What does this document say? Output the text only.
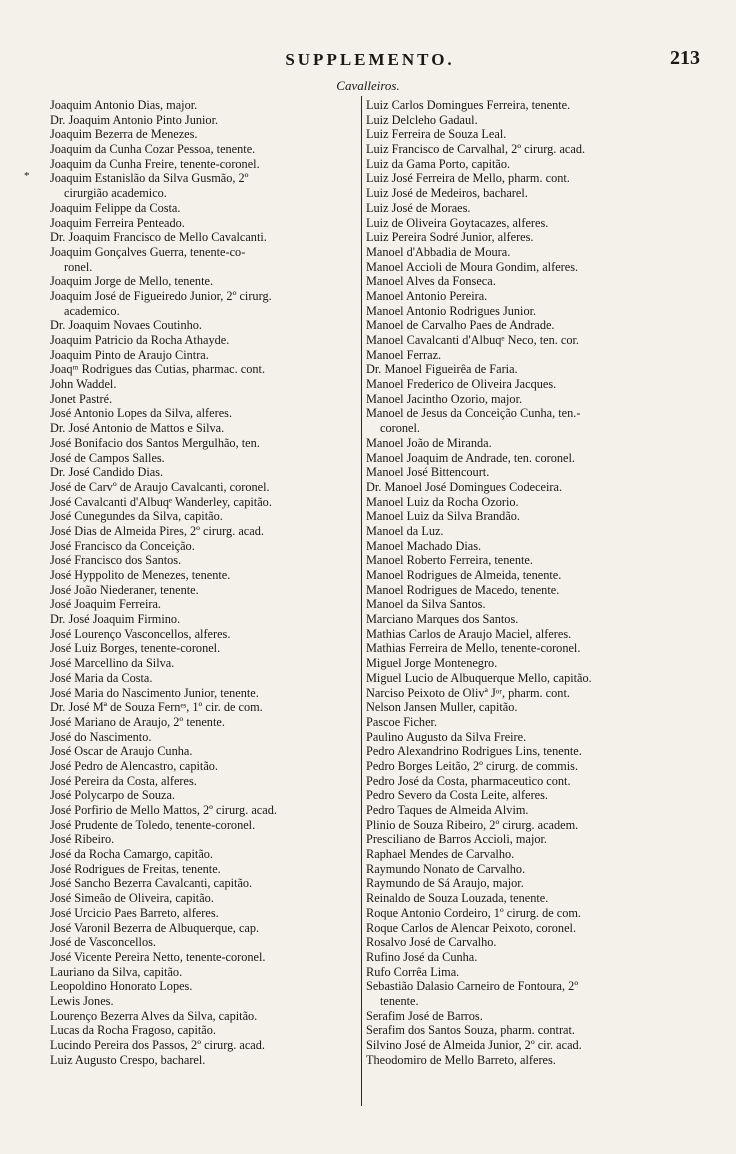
SUPPLEMENTO.	213
Cavalleiros.
*
Joaquim Antonio Dias, major.
Dr. Joaquim Antonio Pinto Junior.
Joaquim Bezerra de Menezes.
Joaquim da Cunha Cozar Pessoa, tenente.
Joaquim da Cunha Freire, tenente-coronel.
Joaquim Estanislão da Silva Gusmão, 2º
cirurgião academico.
Joaquim Felippe da Costa.
Joaquim Ferreira Penteado.
Dr. Joaquim Francisco de Mello Cavalcanti.
Joaquim Gonçalves Guerra, tenente-co-
ronel.
Joaquim Jorge de Mello, tenente.
Joaquim José de Figueiredo Junior, 2º cirurg.
academico.
Dr. Joaquim Novaes Coutinho.
Joaquim Patricio da Rocha Athayde.
Joaquim Pinto de Araujo Cintra.
Joaqᵐ Rodrigues das Cutias, pharmac. cont.
John Waddel.
Jonet Pastré.
José Antonio Lopes da Silva, alferes.
Dr. José Antonio de Mattos e Silva.
José Bonifacio dos Santos Mergulhão, ten.
José de Campos Salles.
Dr. José Candido Dias.
José de Carvº de Araujo Cavalcanti, coronel.
José Cavalcanti d'Albuqᵉ Wanderley, capitão.
José Cunegundes da Silva, capitão.
José Dias de Almeida Pires, 2º cirurg. acad.
José Francisco da Conceição.
José Francisco dos Santos.
José Hyppolito de Menezes, tenente.
José João Niederaner, tenente.
José Joaquim Ferreira.
Dr. José Joaquim Firmino.
José Lourenço Vasconcellos, alferes.
José Luiz Borges, tenente-coronel.
José Marcellino da Silva.
José Maria da Costa.
José Maria do Nascimento Junior, tenente.
Dr. José Mª de Souza Fernᵉˢ, 1º cir. de com.
José Mariano de Araujo, 2º tenente.
José do Nascimento.
José Oscar de Araujo Cunha.
José Pedro de Alencastro, capitão.
José Pereira da Costa, alferes.
José Polycarpo de Souza.
José Porfirio de Mello Mattos, 2º cirurg. acad.
José Prudente de Toledo, tenente-coronel.
José Ribeiro.
José da Rocha Camargo, capitão.
José Rodrigues de Freitas, tenente.
José Sancho Bezerra Cavalcanti, capitão.
José Simeão de Oliveira, capitão.
José Urcicio Paes Barreto, alferes.
José Varonil Bezerra de Albuquerque, cap.
José de Vasconcellos.
José Vicente Pereira Netto, tenente-coronel.
Lauriano da Silva, capitão.
Leopoldino Honorato Lopes.
Lewis Jones.
Lourenço Bezerra Alves da Silva, capitão.
Lucas da Rocha Fragoso, capitão.
Lucindo Pereira dos Passos, 2º cirurg. acad.
Luiz Augusto Crespo, bacharel.
Luiz Carlos Domingues Ferreira, tenente.
Luiz Delcleho Gadaul.
Luiz Ferreira de Souza Leal.
Luiz Francisco de Carvalhal, 2º cirurg. acad.
Luiz da Gama Porto, capitão.
Luiz José Ferreira de Mello, pharm. cont.
Luiz José de Medeiros, bacharel.
Luiz José de Moraes.
Luiz de Oliveira Goytacazes, alferes.
Luiz Pereira Sodré Junior, alferes.
Manoel d'Abbadia de Moura.
Manoel Accioli de Moura Gondim, alferes.
Manoel Alves da Fonseca.
Manoel Antonio Pereira.
Manoel Antonio Rodrigues Junior.
Manoel de Carvalho Paes de Andrade.
Manoel Cavalcanti d'Albuqᵉ Neco, ten. cor.
Manoel Ferraz.
Dr. Manoel Figueirêa de Faria.
Manoel Frederico de Oliveira Jacques.
Manoel Jacintho Ozorio, major.
Manoel de Jesus da Conceição Cunha, ten.-
coronel.
Manoel João de Miranda.
Manoel Joaquim de Andrade, ten. coronel.
Manoel José Bittencourt.
Dr. Manoel José Domingues Codeceira.
Manoel Luiz da Rocha Ozorio.
Manoel Luiz da Silva Brandão.
Manoel da Luz.
Manoel Machado Dias.
Manoel Roberto Ferreira, tenente.
Manoel Rodrigues de Almeida, tenente.
Manoel Rodrigues de Macedo, tenente.
Manoel da Silva Santos.
Marciano Marques dos Santos.
Mathias Carlos de Araujo Maciel, alferes.
Mathias Ferreira de Mello, tenente-coronel.
Miguel Jorge Montenegro.
Miguel Lucio de Albuquerque Mello, capitão.
Narciso Peixoto de Olivª Jᵒʳ, pharm. cont.
Nelson Jansen Muller, capitão.
Pascoe Ficher.
Paulino Augusto da Silva Freire.
Pedro Alexandrino Rodrigues Lins, tenente.
Pedro Borges Leitão, 2º cirurg. de commis.
Pedro José da Costa, pharmaceutico cont.
Pedro Severo da Costa Leite, alferes.
Pedro Taques de Almeida Alvim.
Plinio de Souza Ribeiro, 2º cirurg. academ.
Presciliano de Barros Accioli, major.
Raphael Mendes de Carvalho.
Raymundo Nonato de Carvalho.
Raymundo de Sá Araujo, major.
Reinaldo de Souza Louzada, tenente.
Roque Antonio Cordeiro, 1º cirurg. de com.
Roque Carlos de Alencar Peixoto, coronel.
Rosalvo José de Carvalho.
Rufino José da Cunha.
Rufo Corrêa Lima.
Sebastião Dalasio Carneiro de Fontoura, 2º
tenente.
Serafim José de Barros.
Serafim dos Santos Souza, pharm. contrat.
Silvino José de Almeida Junior, 2º cir. acad.
Theodomiro de Mello Barreto, alferes.
